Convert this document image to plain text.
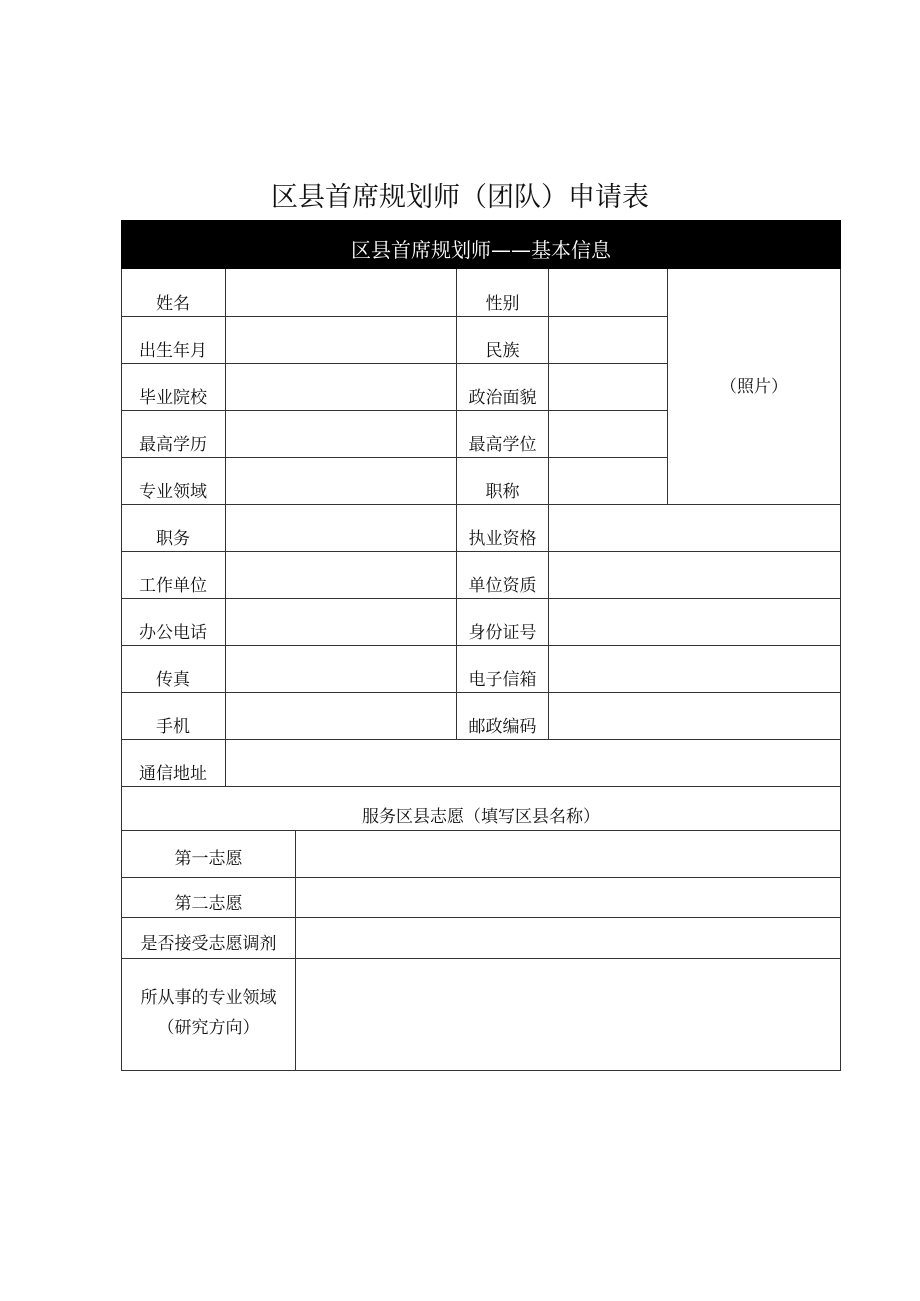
区县首席规划师（团队）申请表
区县首席规划师——基本信息
姓名
出生年月
毕业院校
最高学历
专业领域
职务
工作单位
办公电话
传真
手机
通信地址
性别
民族
政治面貌
最高学位
职称
执业资格
单位资质
身份证号
电子信箱
邮政编码
（照片）
服务区县志愿（填写区县名称）
第一志愿
第二志愿
是否接受志愿调剂
所从事的专业领域
（研究方向）
